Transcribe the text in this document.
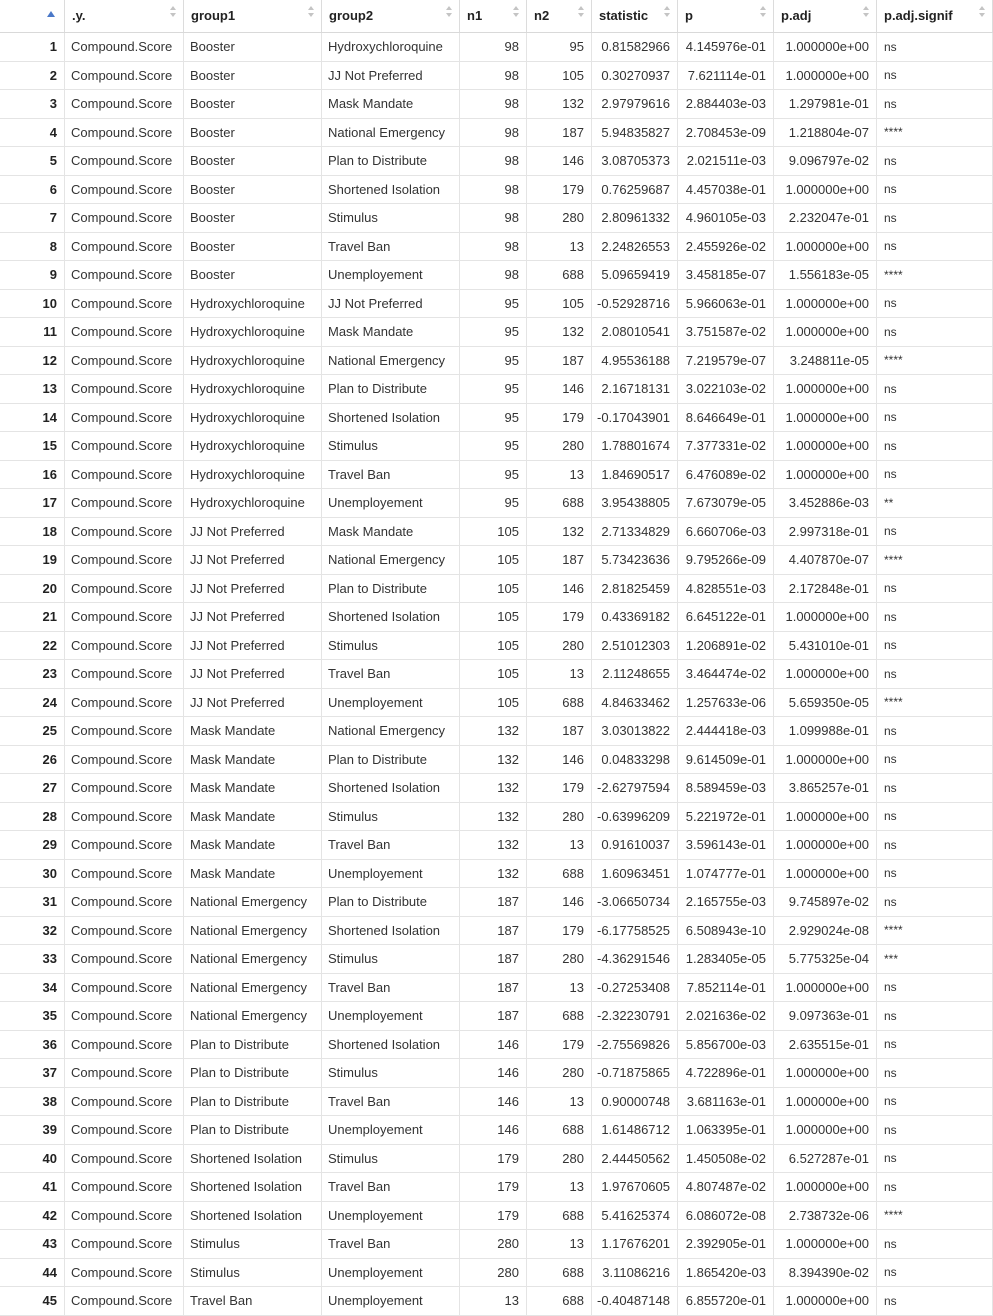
.y.	group1	group2	n1	n2	statistic	p	p.adj	p.adj.signif
1	Compound.Score	Booster	Hydroxychloroquine	98	95	0.81582966	4.145976e-01	1.000000e+00	ns
2	Compound.Score	Booster	JJ Not Preferred	98	105	0.30270937	7.621114e-01	1.000000e+00	ns
3	Compound.Score	Booster	Mask Mandate	98	132	2.97979616	2.884403e-03	1.297981e-01	ns
4	Compound.Score	Booster	National Emergency	98	187	5.94835827	2.708453e-09	1.218804e-07	****
5	Compound.Score	Booster	Plan to Distribute	98	146	3.08705373	2.021511e-03	9.096797e-02	ns
6	Compound.Score	Booster	Shortened Isolation	98	179	0.76259687	4.457038e-01	1.000000e+00	ns
7	Compound.Score	Booster	Stimulus	98	280	2.80961332	4.960105e-03	2.232047e-01	ns
8	Compound.Score	Booster	Travel Ban	98	13	2.24826553	2.455926e-02	1.000000e+00	ns
9	Compound.Score	Booster	Unemployement	98	688	5.09659419	3.458185e-07	1.556183e-05	****
10	Compound.Score	Hydroxychloroquine	JJ Not Preferred	95	105 -0.52928716	5.966063e-01	1.000000e+00	ns
11	Compound.Score	Hydroxychloroquine	Mask Mandate	95	132	2.08010541	3.751587e-02	1.000000e+00	ns
12	Compound.Score	Hydroxychloroquine	National Emergency	95	187	4.95536188	7.219579e-07	3.248811e-05	****
13	Compound.Score	Hydroxychloroquine	Plan to Distribute	95	146	2.16718131	3.022103e-02	1.000000e+00	ns
14	Compound.Score	Hydroxychloroquine	Shortened Isolation	95	179 -0.17043901	8.646649e-01	1.000000e+00	ns
15	Compound.Score	Hydroxychloroquine	Stimulus	95	280	1.78801674	7.377331e-02	1.000000e+00	ns
16	Compound.Score	Hydroxychloroquine	Travel Ban	95	13	1.84690517	6.476089e-02	1.000000e+00	ns
17	Compound.Score	Hydroxychloroquine	Unemployement	95	688	3.95438805	7.673079e-05	3.452886e-03	**
18	Compound.Score	JJ Not Preferred	Mask Mandate	105	132	2.71334829	6.660706e-03	2.997318e-01	ns
19	Compound.Score	JJ Not Preferred	National Emergency	105	187	5.73423636	9.795266e-09	4.407870e-07	****
20	Compound.Score	JJ Not Preferred	Plan to Distribute	105	146	2.81825459	4.828551e-03	2.172848e-01	ns
21	Compound.Score	JJ Not Preferred	Shortened Isolation	105	179	0.43369182	6.645122e-01	1.000000e+00	ns
22	Compound.Score	JJ Not Preferred	Stimulus	105	280	2.51012303	1.206891e-02	5.431010e-01	ns
23	Compound.Score	JJ Not Preferred	Travel Ban	105	13	2.11248655	3.464474e-02	1.000000e+00	ns
24	Compound.Score	JJ Not Preferred	Unemployement	105	688	4.84633462	1.257633e-06	5.659350e-05	****
25	Compound.Score	Mask Mandate	National Emergency	132	187	3.03013822	2.444418e-03	1.099988e-01	ns
26	Compound.Score	Mask Mandate	Plan to Distribute	132	146	0.04833298	9.614509e-01	1.000000e+00	ns
27	Compound.Score	Mask Mandate	Shortened Isolation	132	179 -2.62797594	8.589459e-03	3.865257e-01	ns
28	Compound.Score	Mask Mandate	Stimulus	132	280 -0.63996209	5.221972e-01	1.000000e+00	ns
29	Compound.Score	Mask Mandate	Travel Ban	132	13	0.91610037	3.596143e-01	1.000000e+00	ns
30	Compound.Score	Mask Mandate	Unemployement	132	688	1.60963451	1.074777e-01	1.000000e+00	ns
31	Compound.Score	National Emergency	Plan to Distribute	187	146 -3.06650734	2.165755e-03	9.745897e-02	ns
32	Compound.Score	National Emergency	Shortened Isolation	187	179 -6.17758525	6.508943e-10	2.929024e-08	****
33	Compound.Score	National Emergency	Stimulus	187	280 -4.36291546	1.283405e-05	5.775325e-04	***
34	Compound.Score	National Emergency	Travel Ban	187	13 -0.27253408	7.852114e-01	1.000000e+00	ns
35	Compound.Score	National Emergency	Unemployement	187	688 -2.32230791	2.021636e-02	9.097363e-01	ns
36	Compound.Score	Plan to Distribute	Shortened Isolation	146	179 -2.75569826	5.856700e-03	2.635515e-01	ns
37	Compound.Score	Plan to Distribute	Stimulus	146	280 -0.71875865	4.722896e-01	1.000000e+00	ns
38	Compound.Score	Plan to Distribute	Travel Ban	146	13	0.90000748	3.681163e-01	1.000000e+00	ns
39	Compound.Score	Plan to Distribute	Unemployement	146	688	1.61486712	1.063395e-01	1.000000e+00	ns
40	Compound.Score	Shortened Isolation	Stimulus	179	280	2.44450562	1.450508e-02	6.527287e-01	ns
41	Compound.Score	Shortened Isolation	Travel Ban	179	13	1.97670605	4.807487e-02	1.000000e+00	ns
42	Compound.Score	Shortened Isolation	Unemployement	179	688	5.41625374	6.086072e-08	2.738732e-06	****
43	Compound.Score	Stimulus	Travel Ban	280	13	1.17676201	2.392905e-01	1.000000e+00	ns
44	Compound.Score	Stimulus	Unemployement	280	688	3.11086216	1.865420e-03	8.394390e-02	ns
45	Compound.Score	Travel Ban	Unemployement	13	688 -0.40487148	6.855720e-01	1.000000e+00	ns
